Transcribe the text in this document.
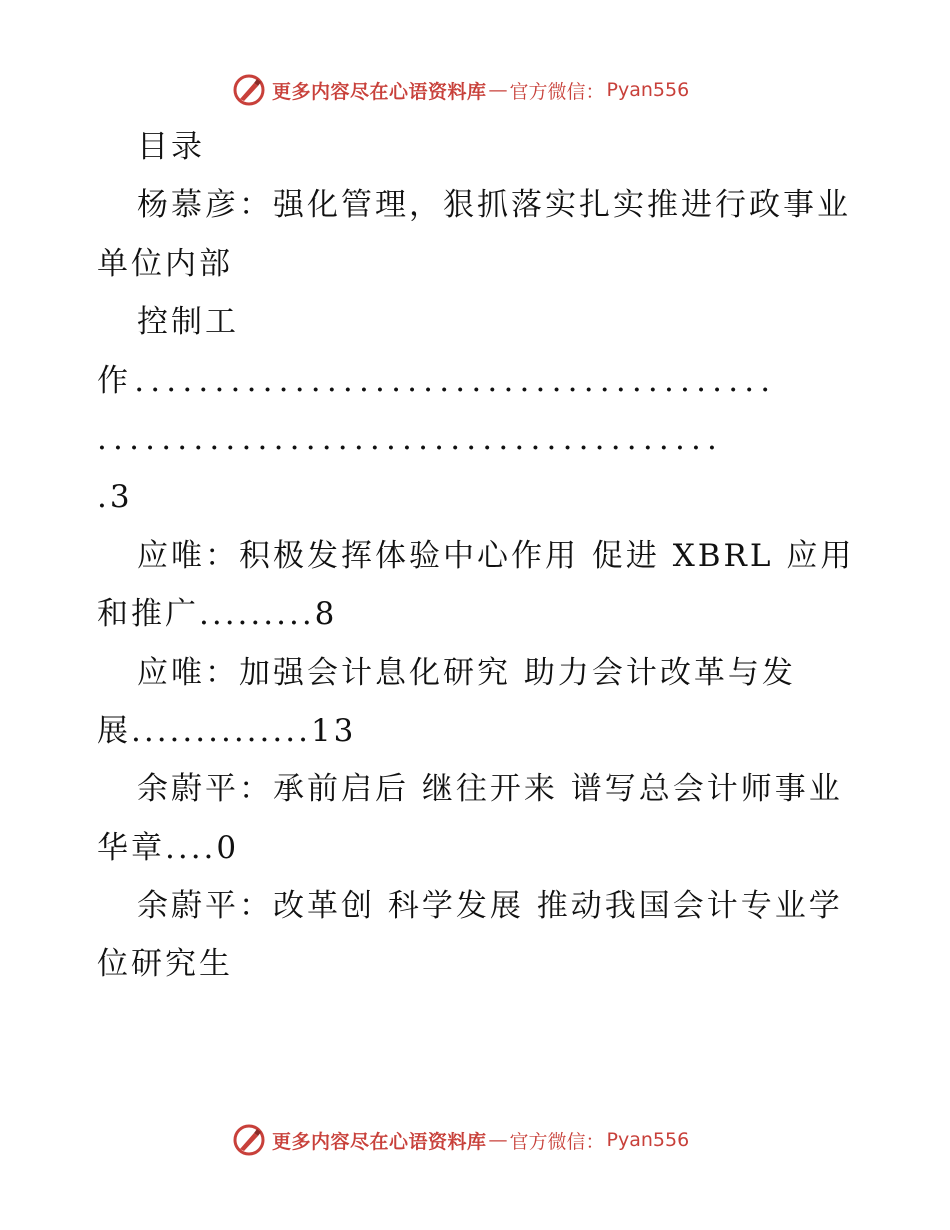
更多内容尽在心语资料库 — 官方微信： Pyan556
目录
杨慕彦：强化管理，狠抓落实扎实推进行政事业
单位内部
控制工
作........................................
.......................................
.3
应唯：积极发挥体验中心作用 促进 XBRL 应用
和推广.........8
应唯：加强会计息化研究 助力会计改革与发
展..............13
余蔚平：承前启后 继往开来 谱写总会计师事业
华章....0
余蔚平：改革创 科学发展 推动我国会计专业学
位研究生
更多内容尽在心语资料库 — 官方微信： Pyan556
